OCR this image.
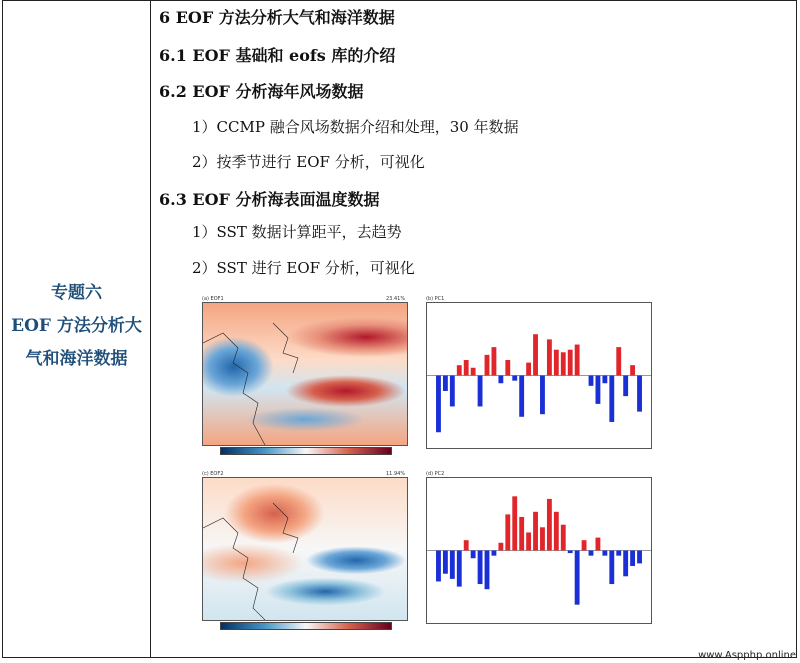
专题六
EOF 方法分析大
气和海洋数据
6 EOF 方法分析大气和海洋数据
6.1 EOF 基础和 eofs 库的介绍
6.2 EOF 分析海年风场数据
1）CCMP 融合风场数据介绍和处理，30 年数据
2）按季节进行 EOF 分析，可视化
6.3 EOF 分析海表面温度数据
1）SST 数据计算距平，去趋势
2）SST 进行 EOF 分析，可视化
(a) EOF1	23.41%	(b) PC1
(c) EOF2	11.94%	(d) PC2
www.Aspphp.online
